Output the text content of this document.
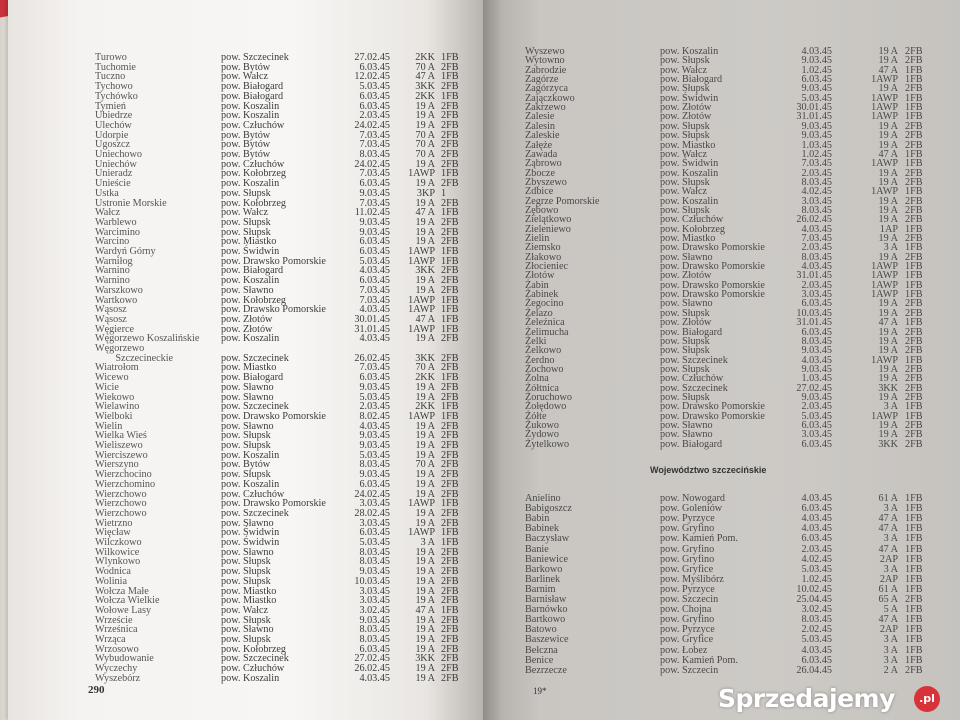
Turowo	pow. Szczecinek	27.02.45	2KK 1FB
Tuchomie	pow. Bytów	6.03.45	70 A 2FB
Tuczno	pow. Wałcz	12.02.45	47 A 1FB
Tychowo	pow. Białogard	5.03.45	3KK 2FB
Tychówko	pow. Białogard	6.03.45	2KK 1FB
Tymień	pow. Koszalin	6.03.45	19 A 2FB
Ubiedrze	pow. Koszalin	2.03.45	19 A 2FB
Ulechów	pow. Człuchów	24.02.45	19 A 2FB
Udorpie	pow. Bytów	7.03.45	70 A 2FB
Ugoszcz	pow. Bytów	7.03.45	70 A 2FB
Uniechowo	pow. Bytów	8.03.45	70 A 2FB
Uniechów	pow. Człuchów	24.02.45	19 A 2FB
Unieradz	pow. Kołobrzeg	7.03.45	1AWP 1FB
Unieście	pow. Koszalin	6.03.45	19 A 2FB
Ustka	pow. Słupsk	9.03.45	3KP 1
Ustronie Morskie	pow. Kołobrzeg	7.03.45	19 A 2FB
Wałcz	pow. Wałcz	11.02.45	47 A 1FB
Warblewo	pow. Słupsk	9.03.45	19 A 2FB
Warcimino	pow. Słupsk	9.03.45	19 A 2FB
Warcino	pow. Miastko	6.03.45	19 A 2FB
Wardyń Górny	pow. Świdwin	6.03.45	1AWP 1FB
Warniłog	pow. Drawsko Pomorskie	5.03.45	1AWP 1FB
Warnino	pow. Białogard	4.03.45	3KK 2FB
Warnino	pow. Koszalin	6.03.45	19 A 2FB
Warszkowo	pow. Sławno	7.03.45	19 A 2FB
Wartkowo	pow. Kołobrzeg	7.03.45	1AWP 1FB
Wąsosz	pow. Drawsko Pomorskie	4.03.45	1AWP 1FB
Wąsosz	pow. Złotów	30.01.45	47 A 1FB
Węgierce	pow. Złotów	31.01.45	1AWP 1FB
Węgorzewo Koszalińskie pow. Koszalin	4.03.45	19 A 2FB
Węgorzewo
Szczecineckie	pow. Szczecinek	26.02.45	3KK 2FB
Wiatrołom	pow. Miastko	7.03.45	70 A 2FB
Wicewo	pow. Białogard	6.03.45	2KK 1FB
Wicie	pow. Sławno	9.03.45	19 A 2FB
Wiekowo	pow. Sławno	5.03.45	19 A 2FB
Wielawino	pow. Szczecinek	2.03.45	2KK 1FB
Wielboki	pow. Drawsko Pomorskie	8.02.45	1AWP 1FB
Wielin	pow. Sławno	4.03.45	19 A 2FB
Wielka Wieś	pow. Słupsk	9.03.45	19 A 2FB
Wieliszewo	pow. Słupsk	9.03.45	19 A 2FB
Wierciszewo	pow. Koszalin	5.03.45	19 A 2FB
Wierszyno	pow. Bytów	8.03.45	70 A 2FB
Wierzchocino	pow. Słupsk	9.03.45	19 A 2FB
Wierzchomino	pow. Koszalin	6.03.45	19 A 2FB
Wierzchowo	pow. Człuchów	24.02.45	19 A 2FB
Wierzchowo	pow. Drawsko Pomorskie	3.03.45	1AWP 1FB
Wierzchowo	pow. Szczecinek	28.02.45	19 A 2FB
Wietrzno	pow. Sławno	3.03.45	19 A 2FB
Więcław	pow. Świdwin	6.03.45	1AWP 1FB
Wilczkowo	pow. Świdwin	5.03.45	3 A 1FB
Wilkowice	pow. Sławno	8.03.45	19 A 2FB
Wlynkowo	pow. Słupsk	8.03.45	19 A 2FB
Wodnica	pow. Słupsk	9.03.45	19 A 2FB
Wolinia	pow. Słupsk	10.03.45	19 A 2FB
Wołcza Małe	pow. Miastko	3.03.45	19 A 2FB
Wołcza Wielkie	pow. Miastko	3.03.45	19 A 2FB
Wołowe Lasy	pow. Wałcz	3.02.45	47 A 1FB
Wrzeście	pow. Słupsk	9.03.45	19 A 2FB
Wrześnica	pow. Sławno	8.03.45	19 A 2FB
Wrząca	pow. Słupsk	8.03.45	19 A 2FB
Wrzosowo	pow. Kołobrzeg	6.03.45	19 A 2FB
Wybudowanie	pow. Szczecinek	27.02.45	3KK 2FB
Wyczechy	pow. Człuchów	26.02.45	19 A 2FB
Wyszebórz	pow. Koszalin	4.03.45	19 A 2FB
Wyszewo	pow. Koszalin	4.03.45	19 A 2FB
Wytowno	pow. Słupsk	9.03.45	19 A 2FB
Zabrodzie	pow. Wałcz	1.02.45	47 A 1FB
Zagórze	pow. Białogard	6.03.45	1AWP 1FB
Zagórzyca	pow. Słupsk	9.03.45	19 A 2FB
Zajączkowo	pow. Świdwin	5.03.45	1AWP 1FB
Zakrzewo	pow. Złotów	30.01.45	1AWP 1FB
Zalesie	pow. Złotów	31.01.45	1AWP 1FB
Zalesin	pow. Słupsk	9.03.45	19 A 2FB
Zaleskie	pow. Słupsk	9.03.45	19 A 2FB
Załęże	pow. Miastko	1.03.45	19 A 2FB
Zawada	pow. Wałcz	1.02.45	47 A 1FB
Ząbrowo	pow. Świdwin	7.03.45	1AWP 1FB
Zbocze	pow. Koszalin	2.03.45	19 A 2FB
Zbyszewo	pow. Słupsk	8.03.45	19 A 2FB
Zdbice	pow. Wałcz	4.02.45	1AWP 1FB
Zegrze Pomorskie	pow. Koszalin	3.03.45	19 A 2FB
Zębowo	pow. Słupsk	8.03.45	19 A 2FB
Zielątkowo	pow. Człuchów	26.02.45	19 A 2FB
Zieleniewo	pow. Kołobrzeg	4.03.45	1AP 1FB
Zielin	pow. Miastko	7.03.45	19 A 2FB
Ziemsko	pow. Drawsko Pomorskie	2.03.45	3 A 1FB
Złakowo	pow. Sławno	8.03.45	19 A 2FB
Złocieniec	pow. Drawsko Pomorskie	4.03.45	1AWP 1FB
Złotów	pow. Złotów	31.01.45	1AWP 1FB
Żabin	pow. Drawsko Pomorskie	2.03.45	1AWP 1FB
Żabinek	pow. Drawsko Pomorskie	3.03.45	1AWP 1FB
Żegocino	pow. Sławno	6.03.45	19 A 2FB
Żelazo	pow. Słupsk	10.03.45	19 A 2FB
Żeleźnica	pow. Złotów	31.01.45	47 A 1FB
Żelimucha	pow. Białogard	6.03.45	19 A 2FB
Żelki	pow. Słupsk	8.03.45	19 A 2FB
Żelkowo	pow. Słupsk	9.03.45	19 A 2FB
Żerdno	pow. Szczecinek	4.03.45	1AWP 1FB
Żochowo	pow. Słupsk	9.03.45	19 A 2FB
Żolna	pow. Człuchów	1.03.45	19 A 2FB
Żółtnica	pow. Szczecinek	27.02.45	3KK 2FB
Żoruchowo	pow. Słupsk	9.03.45	19 A 2FB
Żołędowo	pow. Drawsko Pomorskie	2.03.45	3 A 1FB
Żółte	pow. Drawsko Pomorskie	5.03.45	1AWP 1FB
Żukowo	pow. Sławno	6.03.45	19 A 2FB
Żydowo	pow. Sławno	3.03.45	19 A 2FB
Żytelkowo	pow. Białogard	6.03.45	3KK 2FB
Województwo szczecińskie
Anielino	pow. Nowogard	4.03.45	61 A 1FB
Babigoszcz	pow. Goleniów	6.03.45	3 A 1FB
Babin	pow. Pyrzyce	4.03.45	47 A 1FB
Babinek	pow. Gryfino	4.03.45	47 A 1FB
Baczysław	pow. Kamień Pom.	6.03.45	3 A 1FB
Banie	pow. Gryfino	2.03.45	47 A 1FB
Baniewice	pow. Gryfino	4.02.45	2AP 1FB
Barkowo	pow. Gryfice	5.03.45	3 A 1FB
Barlinek	pow. Myślibórz	1.02.45	2AP 1FB
Barnim	pow. Pyrzyce	10.02.45	61 A 1FB
Barnisław	pow. Szczecin	25.04.45	65 A 2FB
Barnówko	pow. Chojna	3.02.45	5 A 1FB
Bartkowo	pow. Gryfino	8.03.45	47 A 1FB
Batowo	pow. Pyrzyce	2.02.45	2AP 1FB
Baszewice	pow. Gryfice	5.03.45	3 A 1FB
Bełczna	pow. Łobez	4.03.45	3 A 1FB
Benice	pow. Kamień Pom.	6.03.45	3 A 1FB
Bezrzecze	pow. Szczecin	26.04.45	2 A 2FB
290	19*	Sprzedajemy	.pl
